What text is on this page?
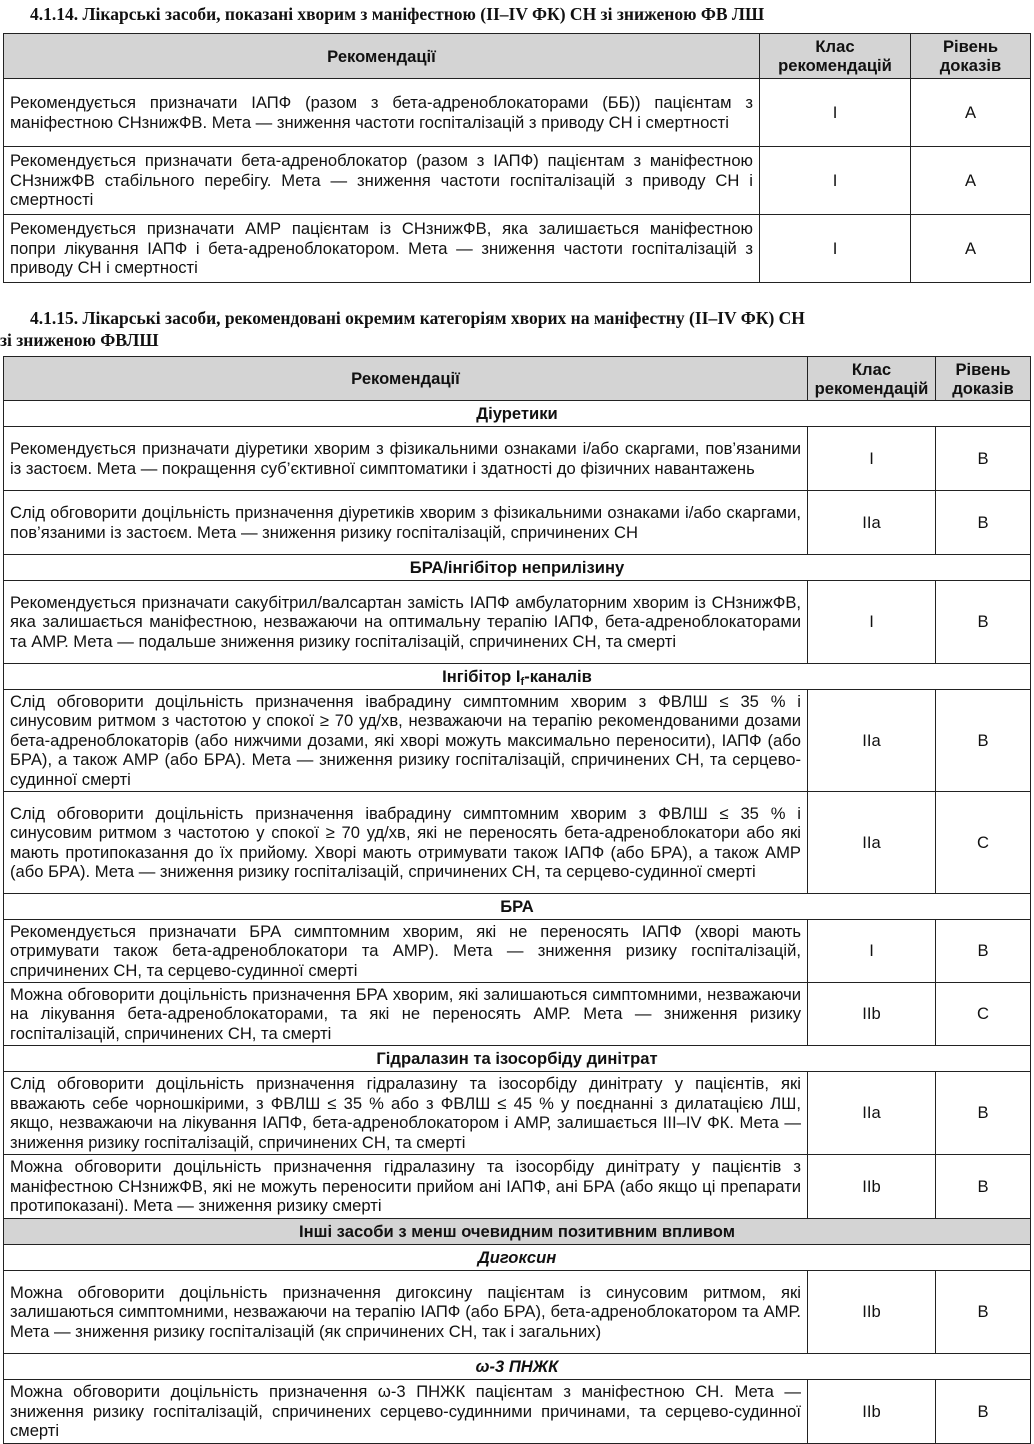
4.1.14. Лікарські засоби, показані хворим з маніфестною (II–IV ФК) СН зі зниженою ФВ ЛШ
Рекомендації	Клас рекомендацій	Рівень доказів
Рекомендується призначати ІАПФ (разом з бета-адреноблокаторами (ББ)) пацієнтам з маніфестною СНзнижФВ. Мета — зниження частоти госпіталізацій з приводу СН і смертності	I	A
Рекомендується призначати бета-адреноблокатор (разом з ІАПФ) пацієнтам з маніфестною СНзнижФВ стабільного перебігу. Мета — зниження частоти госпіталізацій з приводу СН і смертності	I	A
Рекомендується призначати АМР пацієнтам із СНзнижФВ, яка залишається маніфестною попри лікування ІАПФ і бета-адреноблокатором. Мета — зниження частоти госпіталізацій з приводу СН і смертності	I	A
4.1.15. Лікарські засоби, рекомендовані окремим категоріям хворих на маніфестну (II–IV ФК) СН
зі зниженою ФВЛШ
Рекомендації	Клас рекомендацій	Рівень доказів
Діуретики		
Рекомендується призначати діуретики хворим з фізикальними ознаками і/або скаргами, пов’язаними із застоєм. Мета — покращення суб’єктивної симптоматики і здатності до фізичних навантажень	I	B
Слід обговорити доцільність призначення діуретиків хворим з фізикальними ознаками і/або скаргами, пов’язаними із застоєм. Мета — зниження ризику госпіталізацій, спричинених СН	IIa	B
БРА/інгібітор неприлізину		
Рекомендується призначати сакубітрил/валсартан замість ІАПФ амбулаторним хворим із СНзнижФВ, яка залишається маніфестною, незважаючи на оптимальну терапію ІАПФ, бета-адреноблокаторами та АМР. Мета — подальше зниження ризику госпіталізацій, спричинених СН, та смерті	I	B
Інгібітор $I_f$-каналів		
Слід обговорити доцільність призначення івабрадину симптомним хворим з ФВЛШ ≤ 35 % і синусовим ритмом з частотою у спокої ≥ 70 уд/хв, незважаючи на терапію рекомендованими дозами бета-адреноблокаторів (або нижчими дозами, які хворі можуть максимально переносити), ІАПФ (або БРА), а також АМР (або БРА). Мета — зниження ризику госпіталізацій, спричинених СН, та серцево-судинної смерті	IIa	B
Слід обговорити доцільність призначення івабрадину симптомним хворим з ФВЛШ ≤ 35 % і синусовим ритмом з частотою у спокої ≥ 70 уд/хв, які не переносять бета-адреноблокатори або які мають протипоказання до їх прийому. Хворі мають отримувати також ІАПФ (або БРА), а також АМР (або БРА). Мета — зниження ризику госпіталізацій, спричинених СН, та серцево-судинної смерті	IIa	C
БРА		
Рекомендується призначати БРА симптомним хворим, які не переносять ІАПФ (хворі мають отримувати також бета-адреноблокатори та АМР). Мета — зниження ризику госпіталізацій, спричинених СН, та серцево-судинної смерті	I	B
Можна обговорити доцільність призначення БРА хворим, які залишаються симптомними, незважаючи на лікування бета-адреноблокаторами, та які не переносять АМР. Мета — зниження ризику госпіталізацій, спричинених СН, та смерті	IIb	C
Гідралазин та ізосорбіду динітрат		
Слід обговорити доцільність призначення гідралазину та ізосорбіду динітрату у пацієнтів, які вважають себе чорношкірими, з ФВЛШ ≤ 35 % або з ФВЛШ ≤ 45 % у поєднанні з дилатацією ЛШ, якщо, незважаючи на лікування ІАПФ, бета-адреноблокатором і АМР, залишається III–IV ФК. Мета — зниження ризику госпіталізацій, спричинених СН, та смерті	IIa	B
Можна обговорити доцільність призначення гідралазину та ізосорбіду динітрату у пацієнтів з маніфестною СНзнижФВ, які не можуть переносити прийом ані ІАПФ, ані БРА (або якщо ці препарати протипоказані). Мета — зниження ризику смерті	IIb	B
Інші засоби з менш очевидним позитивним впливом		
Дигоксин		
Можна обговорити доцільність призначення дигоксину пацієнтам із синусовим ритмом, які залишаються симптомними, незважаючи на терапію ІАПФ (або БРА), бета-адреноблокатором та АМР. Мета — зниження ризику госпіталізацій (як спричинених СН, так і загальних)	IIb	B
ω-3 ПНЖК		
Можна обговорити доцільність призначення ω-3 ПНЖК пацієнтам з маніфестною СН. Мета — зниження ризику госпіталізацій, спричинених серцево-судинними причинами, та серцево-судинної смерті	IIb	B
